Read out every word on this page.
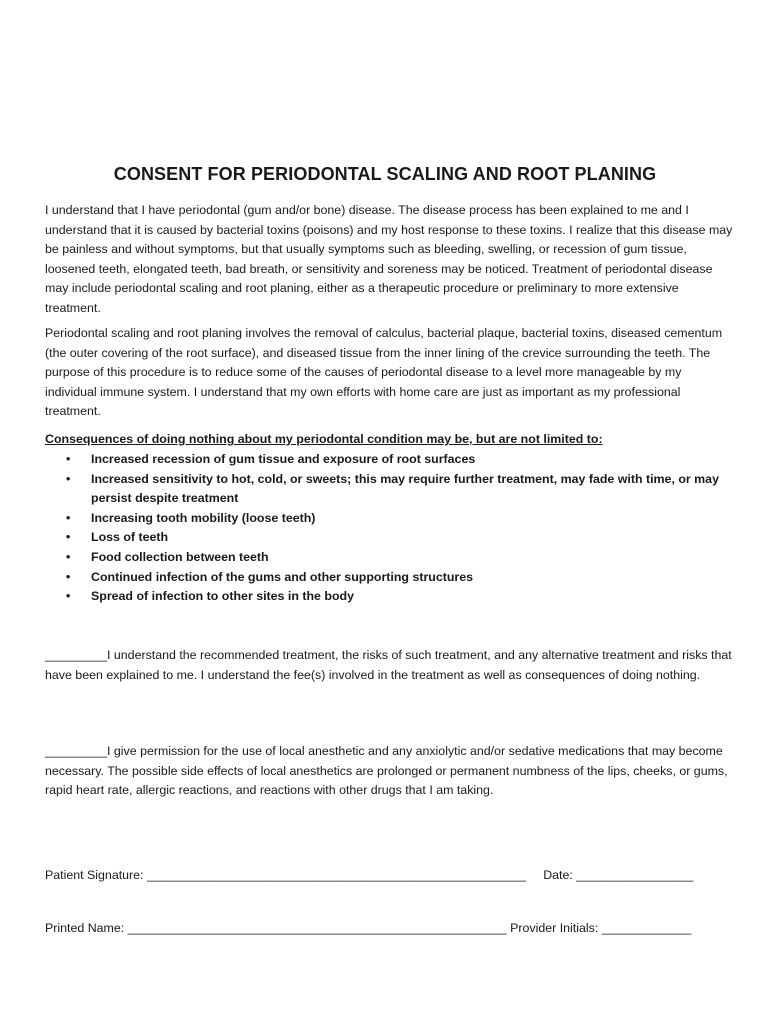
CONSENT FOR PERIODONTAL SCALING AND ROOT PLANING

I understand that I have periodontal (gum and/or bone) disease. The disease process has been explained to me and I understand that it is caused by bacterial toxins (poisons) and my host response to these toxins. I realize that this disease may be painless and without symptoms, but that usually symptoms such as bleeding, swelling, or recession of gum tissue, loosened teeth, elongated teeth, bad breath, or sensitivity and soreness may be noticed. Treatment of periodontal disease may include periodontal scaling and root planing, either as a therapeutic procedure or preliminary to more extensive treatment.

Periodontal scaling and root planing involves the removal of calculus, bacterial plaque, bacterial toxins, diseased cementum (the outer covering of the root surface), and diseased tissue from the inner lining of the crevice surrounding the teeth. The purpose of this procedure is to reduce some of the causes of periodontal disease to a level more manageable by my individual immune system. I understand that my own efforts with home care are just as important as my professional treatment.

Consequences of doing nothing about my periodontal condition may be, but are not limited to:
• Increased recession of gum tissue and exposure of root surfaces
• Increased sensitivity to hot, cold, or sweets; this may require further treatment, may fade with time, or may persist despite treatment
• Increasing tooth mobility (loose teeth)
• Loss of teeth
• Food collection between teeth
• Continued infection of the gums and other supporting structures
• Spread of infection to other sites in the body

_________I understand the recommended treatment, the risks of such treatment, and any alternative treatment and risks that have been explained to me. I understand the fee(s) involved in the treatment as well as consequences of doing nothing.

_________I give permission for the use of local anesthetic and any anxiolytic and/or sedative medications that may become necessary. The possible side effects of local anesthetics are prolonged or permanent numbness of the lips, cheeks, or gums, rapid heart rate, allergic reactions, and reactions with other drugs that I am taking.

Patient Signature: _______________________________________________________ Date: _________________
Printed Name: _______________________________________________________ Provider Initials: _____________
